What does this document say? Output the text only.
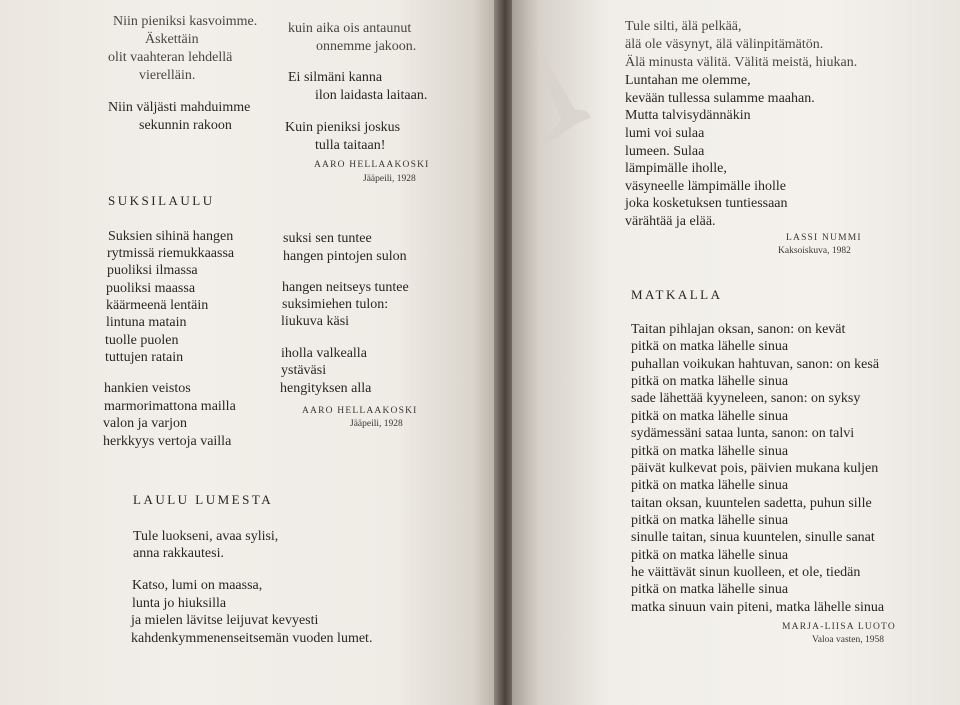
Niin pieniksi kasvoimme.

Äskettäin

olit vaahteran lehdellä

vierelläin.

Niin väljästi mahduimme

sekunnin rakoon

kuin aika ois antaunut

onnemme jakoon.

Ei silmäni kanna

ilon laidasta laitaan.

Kuin pieniksi joskus

tulla taitaan!

AARO HELLAAKOSKI

Jääpeili, 1928

SUKSILAULU

Suksien sihinä hangen

rytmissä riemukkaassa

puoliksi ilmassa

puoliksi maassa

käärmeenä lentäin

lintuna matain

tuolle puolen

tuttujen ratain

hankien veistos

marmorimattona mailla

valon ja varjon

herkkyys vertoja vailla

suksi sen tuntee

hangen pintojen sulon

hangen neitseys tuntee

suksimiehen tulon:

liukuva käsi

iholla valkealla

ystäväsi

hengityksen alla

AARO HELLAAKOSKI

Jääpeili, 1928

LAULU LUMESTA

Tule luokseni, avaa sylisi,

anna rakkautesi.

Katso, lumi on maassa,

lunta jo hiuksilla

ja mielen lävitse leijuvat kevyesti

kahdenkymmenenseitsemän vuoden lumet.

Tule silti, älä pelkää,

älä ole väsynyt, älä välinpitämätön.

Älä minusta välitä. Välitä meistä, hiukan.

Luntahan me olemme,

kevään tullessa sulamme maahan.

Mutta talvisydännäkin

lumi voi sulaa

lumeen. Sulaa

lämpimälle iholle,

väsyneelle lämpimälle iholle

joka kosketuksen tuntiessaan

värähtää ja elää.

LASSI NUMMI

Kaksoiskuva, 1982

MATKALLA

Taitan pihlajan oksan, sanon: on kevät

pitkä on matka lähelle sinua

puhallan voikukan hahtuvan, sanon: on kesä

pitkä on matka lähelle sinua

sade lähettää kyyneleen, sanon: on syksy

pitkä on matka lähelle sinua

sydämessäni sataa lunta, sanon: on talvi

pitkä on matka lähelle sinua

päivät kulkevat pois, päivien mukana kuljen

pitkä on matka lähelle sinua

taitan oksan, kuuntelen sadetta, puhun sille

pitkä on matka lähelle sinua

sinulle taitan, sinua kuuntelen, sinulle sanat

pitkä on matka lähelle sinua

he väittävät sinun kuolleen, et ole, tiedän

pitkä on matka lähelle sinua

matka sinuun vain piteni, matka lähelle sinua

MARJA-LIISA LUOTO

Valoa vasten, 1958
